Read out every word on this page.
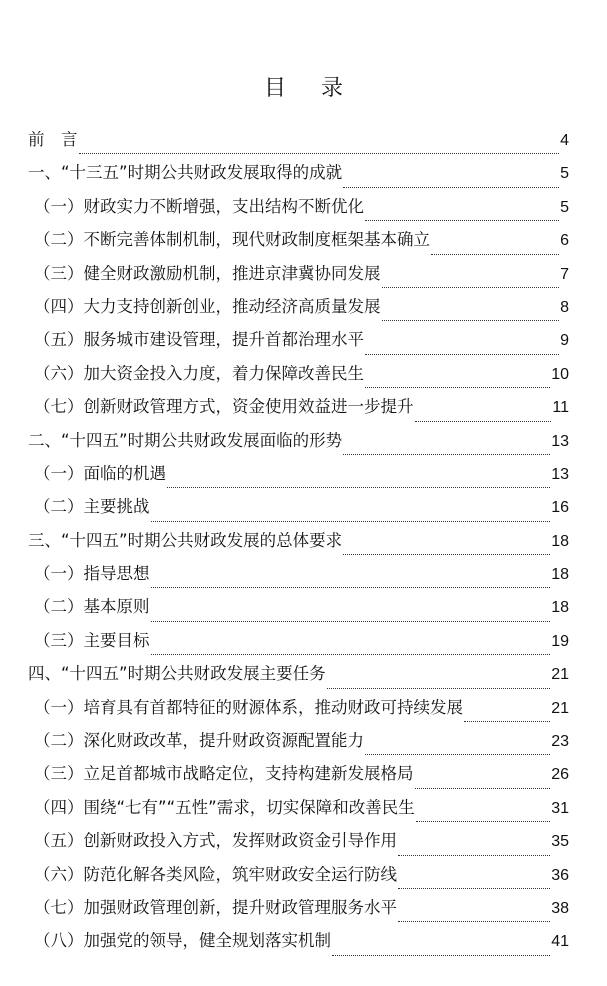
目 录
前　言	4
一、“十三五”时期公共财政发展取得的成就	5
（一）财政实力不断增强，支出结构不断优化	5
（二）不断完善体制机制，现代财政制度框架基本确立	6
（三）健全财政激励机制，推进京津冀协同发展	7
（四）大力支持创新创业，推动经济高质量发展	8
（五）服务城市建设管理，提升首都治理水平	9
（六）加大资金投入力度，着力保障改善民生	10
（七）创新财政管理方式，资金使用效益进一步提升	11
二、“十四五”时期公共财政发展面临的形势	13
（一）面临的机遇	13
（二）主要挑战	16
三、“十四五”时期公共财政发展的总体要求	18
（一）指导思想	18
（二）基本原则	18
（三）主要目标	19
四、“十四五”时期公共财政发展主要任务	21
（一）培育具有首都特征的财源体系，推动财政可持续发展	21
（二）深化财政改革，提升财政资源配置能力	23
（三）立足首都城市战略定位，支持构建新发展格局	26
（四）围绕“七有”“五性”需求，切实保障和改善民生	31
（五）创新财政投入方式，发挥财政资金引导作用	35
（六）防范化解各类风险，筑牢财政安全运行防线	36
（七）加强财政管理创新，提升财政管理服务水平	38
（八）加强党的领导，健全规划落实机制	41
